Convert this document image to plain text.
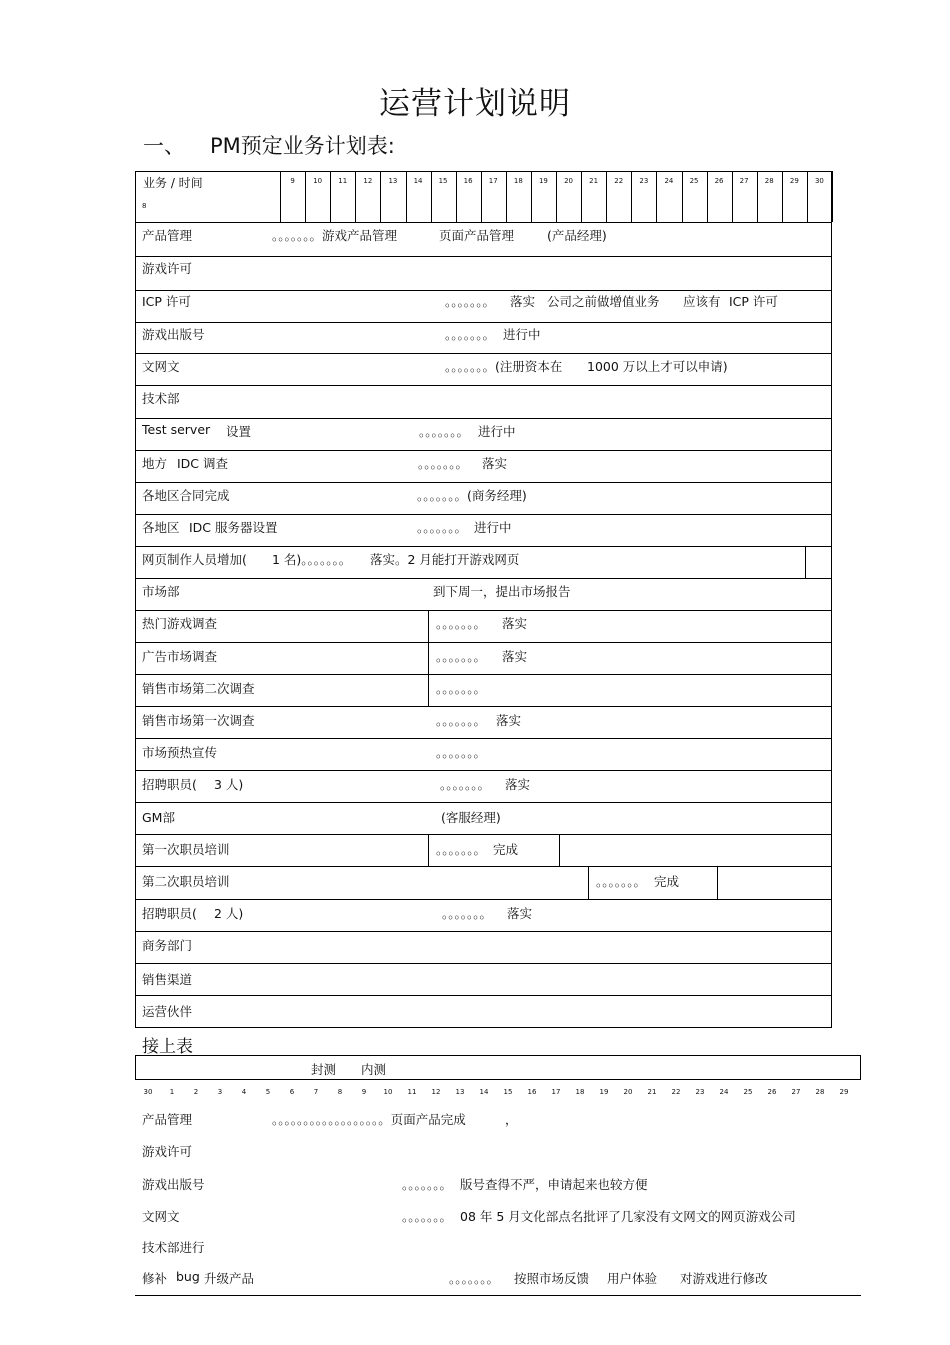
运营计划说明
一、 PM预定业务计划表:
业务 / 时间
8
9	10	11	12	13	14	15	16	17	18	19	20	21	22	23	24	25	26	27	28	29	30
产品管理	。。。。。。。游戏产品管理	页面产品管理	(产品经理)
游戏许可
ICP 许可	。。。。。。。 落实 公司之前做增值业务 应该有 ICP 许可
游戏出版号	。。。。。。。 进行中
文网文	。。。。。。。(注册资本在 1000 万以上才可以申请)
技术部
Test server 设置	。。。。。。。 进行中
地方 IDC 调查	。。。。。。。 落实
各地区合同完成	。。。。。。。(商务经理)
各地区 IDC 服务器设置	。。。。。。。 进行中
网页制作人员增加( 1 名)。。。。。。。 落实。2 月能打开游戏网页
市场部	到下周一，提出市场报告
热门游戏调查	。。。。。。。 落实
广告市场调查	。。。。。。。 落实
销售市场第二次调查	。。。。。。。
销售市场第一次调查	。。。。。。。 落实
市场预热宣传	。。。。。。。
招聘职员( 3 人)	。。。。。。。 落实
GM部	(客服经理)
第一次职员培训	。。。。。。。 完成
第二次职员培训	。。。。。。。 完成
招聘职员( 2 人)	。。。。。。。 落实
商务部门
销售渠道
运营伙伴
接上表
封测 内测
30	1	2	3	4	5	6	7	8	9	10	11	12	13	14	15	16	17	18	19	20	21	22	23	24	25	26	27	28	29
产品管理	。。。。。。。。。。。。。。。。。。页面产品完成	，
游戏许可
游戏出版号	。。。。。。。 版号查得不严，申请起来也较方便
文网文	。。。。。。。 08 年 5 月文化部点名批评了几家没有文网文的网页游戏公司
技术部进行
修补 bug 升级产品	。。。。。。。 按照市场反馈 用户体验 对游戏进行修改
